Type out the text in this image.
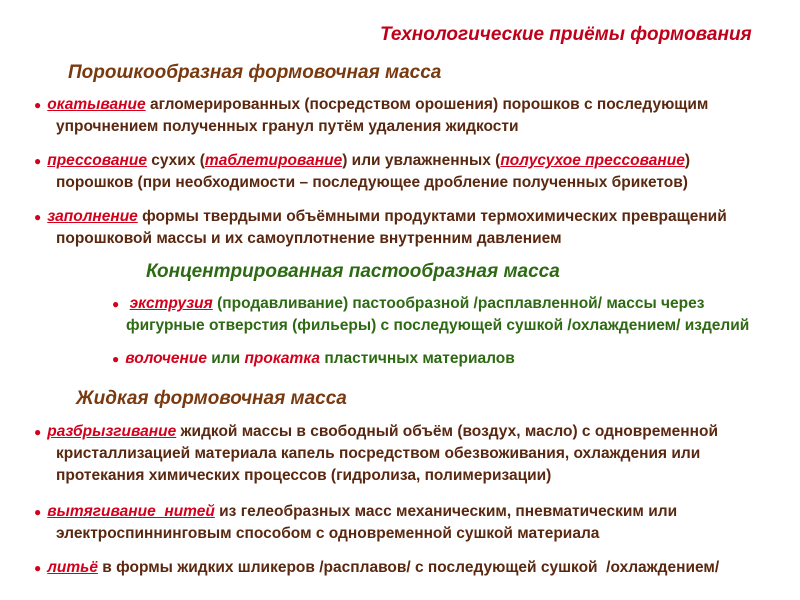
Технологические приёмы формования
Порошкообразная формовочная масса
● окатывание агломерированных (посредством орошения) порошков с последующим
упрочнением полученных гранул путём удаления жидкости
● прессование сухих (таблетирование) или увлажненных (полусухое прессование)
порошков (при необходимости – последующее дробление полученных брикетов)
● заполнение формы твердыми объёмными продуктами термохимических превращений
порошковой массы и их самоуплотнение внутренним давлением
Концентрированная пастообразная масса
● экструзия (продавливание) пастообразной /расплавленной/ массы через
фигурные отверстия (фильеры) с последующей сушкой /охлаждением/ изделий
● волочение или прокатка пластичных материалов
Жидкая формовочная масса
● разбрызгивание жидкой массы в свободный объём (воздух, масло) с одновременной
кристаллизацией материала капель посредством обезвоживания, охлаждения или
протекания химических процессов (гидролиза, полимеризации)
● вытягивание  нитей из гелеобразных масс механическим, пневматическим или
электроспиннинговым способом с одновременной сушкой материала
● литьё в формы жидких шликеров /расплавов/ с последующей сушкой  /охлаждением/
